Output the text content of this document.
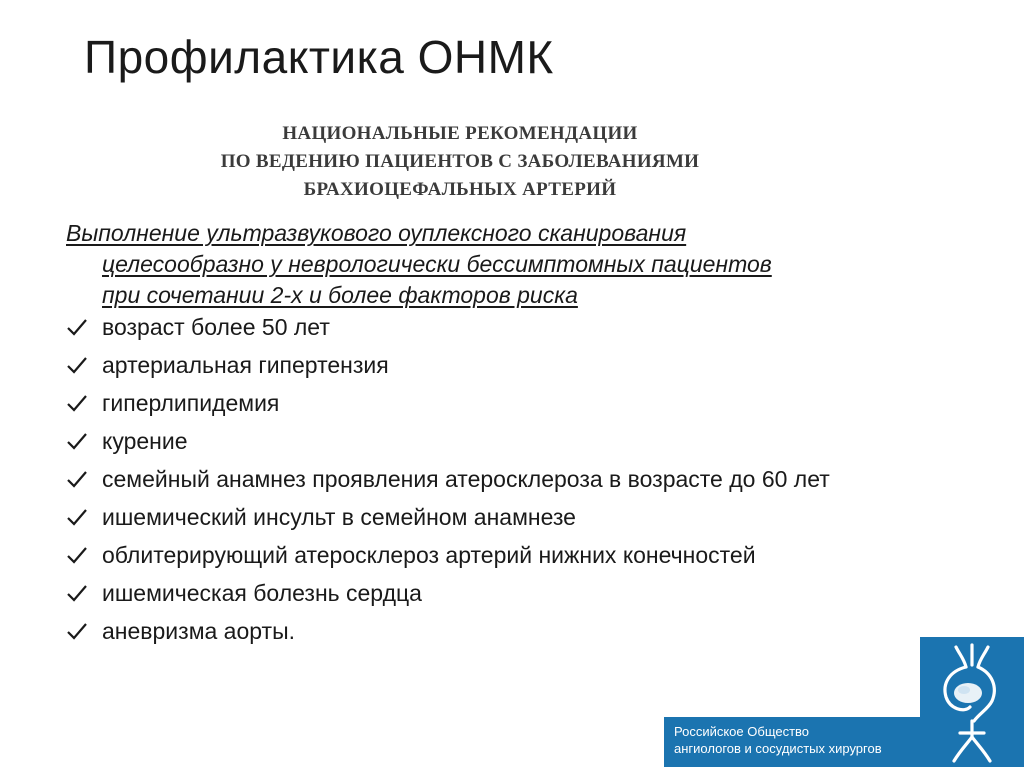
Профилактика ОНМК
НАЦИОНАЛЬНЫЕ РЕКОМЕНДАЦИИ
ПО ВЕДЕНИЮ ПАЦИЕНТОВ С ЗАБОЛЕВАНИЯМИ
БРАХИОЦЕФАЛЬНЫХ АРТЕРИЙ
Выполнение ультразвукового оуплексного сканирования
целесообразно у неврологически бессимптомных пациентов
при сочетании 2-х и более факторов риска
возраст более 50 лет
артериальная гипертензия
гиперлипидемия
курение
семейный анамнез проявления атеросклероза в возрасте до 60 лет
ишемический инсульт в семейном анамнезе
облитерирующий атеросклероз артерий нижних конечностей
ишемическая болезнь сердца
аневризма аорты.
Российское Общество
ангиологов и сосудистых хирургов
